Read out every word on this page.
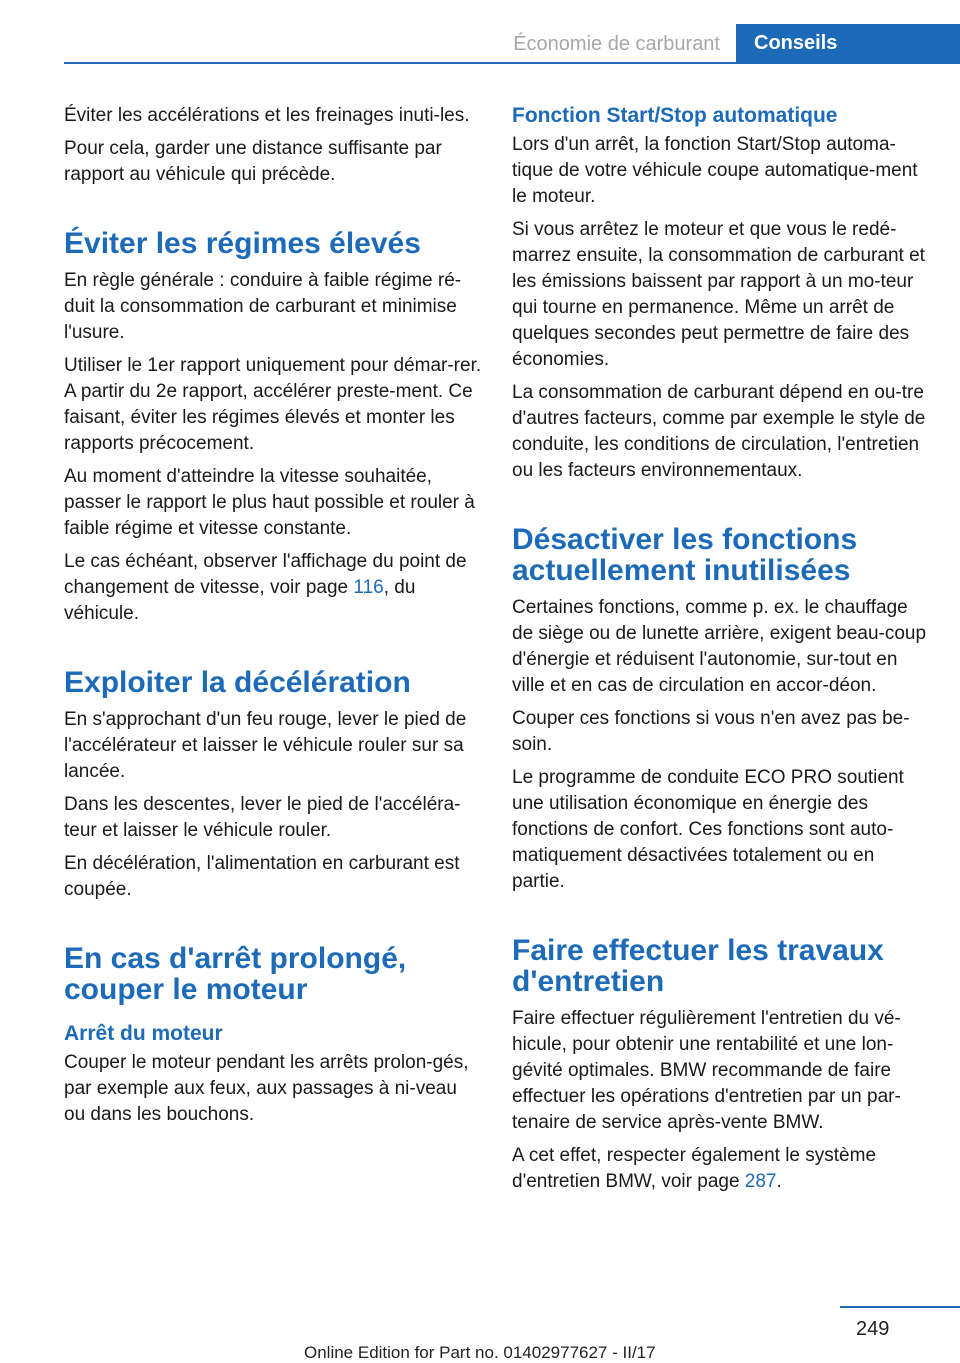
Économie de carburant	Conseils

Éviter les accélérations et les freinages inuti‐les.

Pour cela, garder une distance suffisante par rapport au véhicule qui précède.

Éviter les régimes élevés

En règle générale : conduire à faible régime ré‐duit la consommation de carburant et minimise l'usure.

Utiliser le 1er rapport uniquement pour démar‐rer. A partir du 2e rapport, accélérer preste‐ment. Ce faisant, éviter les régimes élevés et monter les rapports précocement.

Au moment d'atteindre la vitesse souhaitée, passer le rapport le plus haut possible et rouler à faible régime et vitesse constante.

Le cas échéant, observer l'affichage du point de changement de vitesse, voir page 116, du véhicule.

Exploiter la décélération

En s'approchant d'un feu rouge, lever le pied de l'accélérateur et laisser le véhicule rouler sur sa lancée.

Dans les descentes, lever le pied de l'accéléra‐teur et laisser le véhicule rouler.

En décélération, l'alimentation en carburant est coupée.

En cas d'arrêt prolongé, couper le moteur
Arrêt du moteur

Couper le moteur pendant les arrêts prolon‐gés, par exemple aux feux, aux passages à ni‐veau ou dans les bouchons.

Fonction Start/Stop automatique

Lors d'un arrêt, la fonction Start/Stop automa‐tique de votre véhicule coupe automatique‐ment le moteur.

Si vous arrêtez le moteur et que vous le redé‐marrez ensuite, la consommation de carburant et les émissions baissent par rapport à un mo‐teur qui tourne en permanence. Même un arrêt de quelques secondes peut permettre de faire des économies.

La consommation de carburant dépend en ou‐tre d'autres facteurs, comme par exemple le style de conduite, les conditions de circulation, l'entretien ou les facteurs environnementaux.

Désactiver les fonctions actuellement inutilisées

Certaines fonctions, comme p. ex. le chauffage de siège ou de lunette arrière, exigent beau‐coup d'énergie et réduisent l'autonomie, sur‐tout en ville et en cas de circulation en accor‐déon.

Couper ces fonctions si vous n'en avez pas be‐soin.

Le programme de conduite ECO PRO soutient une utilisation économique en énergie des fonctions de confort. Ces fonctions sont auto‐matiquement désactivées totalement ou en partie.

Faire effectuer les travaux d'entretien

Faire effectuer régulièrement l'entretien du vé‐hicule, pour obtenir une rentabilité et une lon‐gévité optimales. BMW recommande de faire effectuer les opérations d'entretien par un par‐tenaire de service après-vente BMW.

A cet effet, respecter également le système d'entretien BMW, voir page 287.

249
Online Edition for Part no. 01402977627 - II/17
